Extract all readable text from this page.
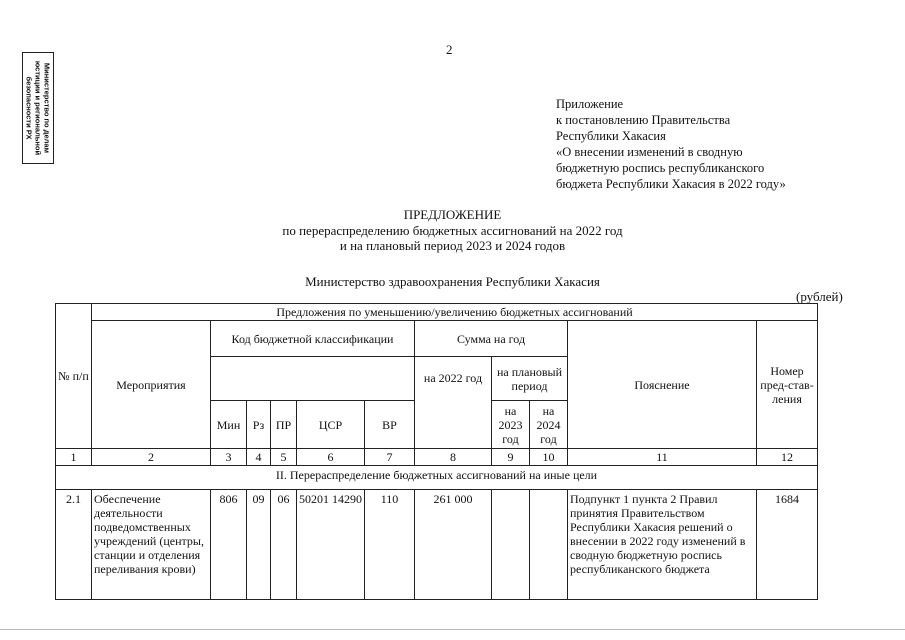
2
Министерство по делам
юстиции и региональной
безопасности РХ	Приложение
к постановлению Правительства
Республики Хакасия
«О внесении изменений в сводную
бюджетную роспись республиканского
бюджета Республики Хакасия в 2022 году»
ПРЕДЛОЖЕНИЕ
по перераспределению бюджетных ассигнований на 2022 год
и на плановый период 2023 и 2024 годов
Министерство здравоохранения Республики Хакасия
(рублей)
№ п/п	Предложения по уменьшению/увеличению бюджетных ассигнований										
	Мероприятия	Код бюджетной классификации					Сумма на год			Пояснение	Номер пред-став-ления
							на 2022 год	на плановый период			
		Мин	Рз	ПР	ЦСР	ВР		на 2023 год	на 2024 год		
1	2	3	4	5	6	7	8	9	10	11	12
II. Перераспределение бюджетных ассигнований на иные цели											
2.1	Обеспечение деятельности подведомственных учреждений (центры, станции и отделения переливания крови)	806	09	06	50201 14290	110	261 000			Подпункт 1 пункта 2 Правил принятия Правительством Республики Хакасия решений о внесении в 2022 году изменений в сводную бюджетную роспись республиканского бюджета	1684
